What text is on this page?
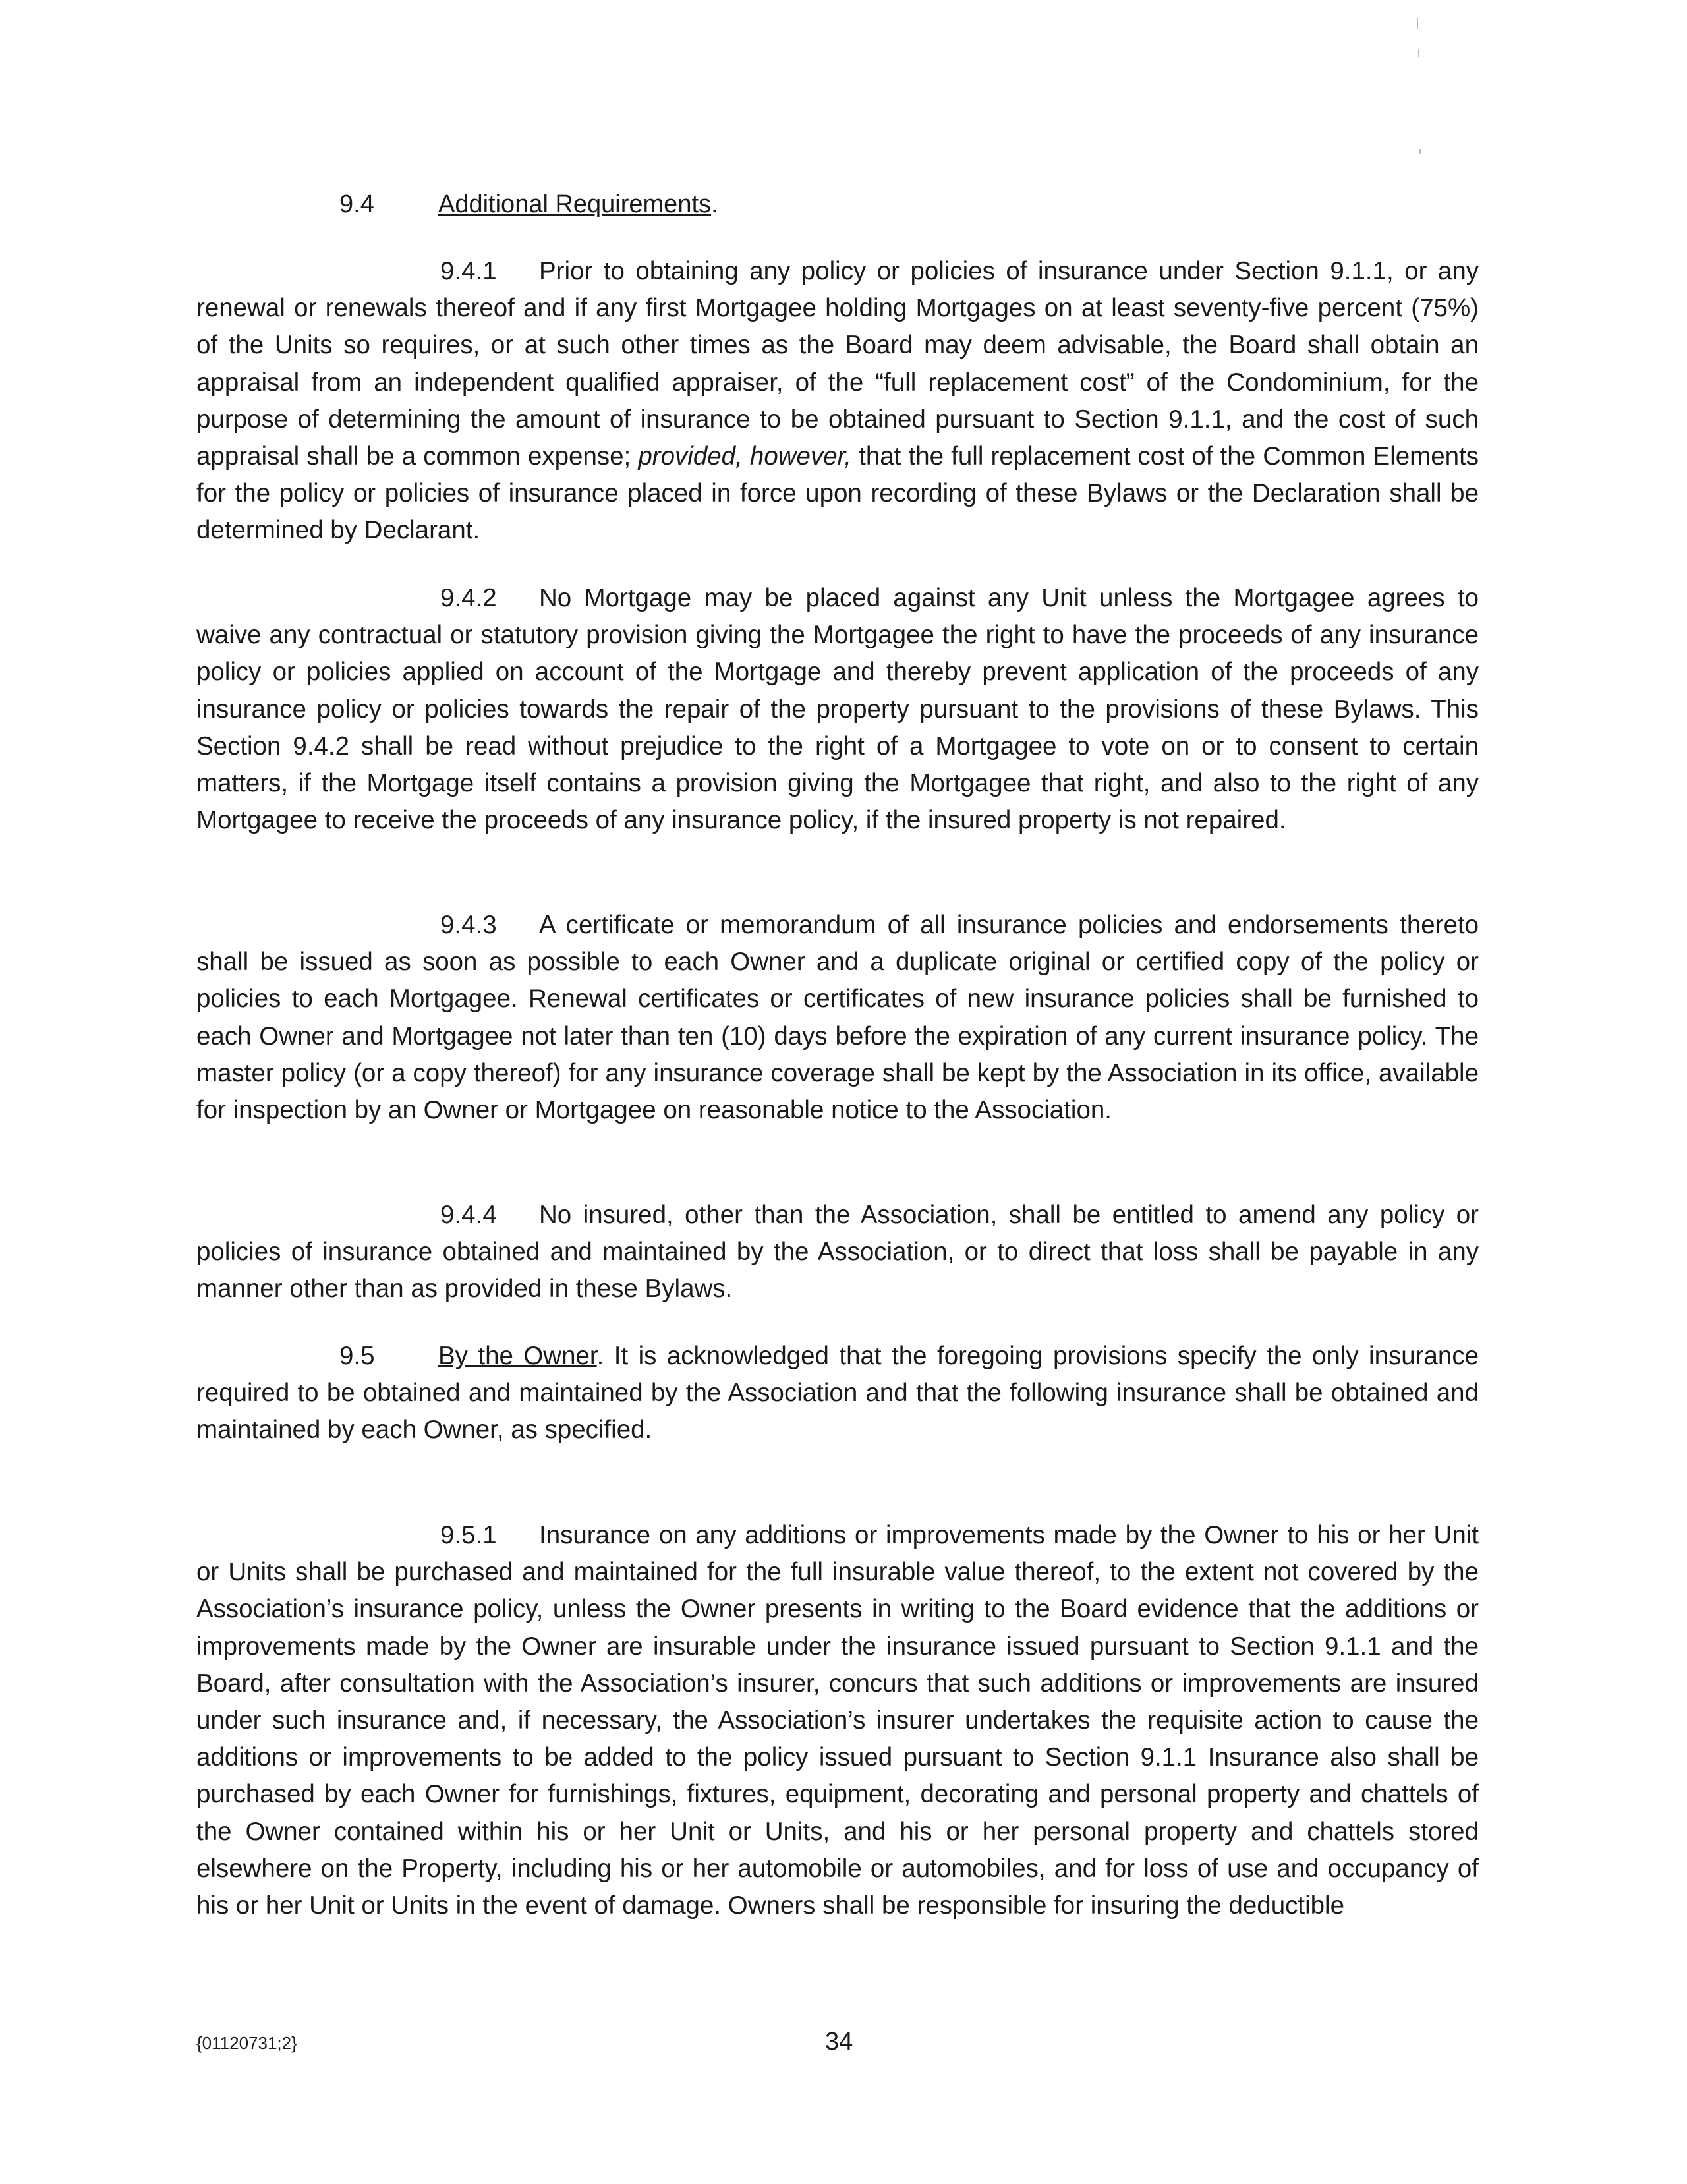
9.4	Additional Requirements.

9.4.1 Prior to obtaining any policy or policies of insurance under Section 9.1.1, or any renewal or renewals thereof and if any first Mortgagee holding Mortgages on at least seventy-five percent (75%) of the Units so requires, or at such other times as the Board may deem advisable, the Board shall obtain an appraisal from an independent qualified appraiser, of the “full replacement cost” of the Condominium, for the purpose of determining the amount of insurance to be obtained pursuant to Section 9.1.1, and the cost of such appraisal shall be a common expense; provided, however, that the full replacement cost of the Common Elements for the policy or policies of insurance placed in force upon recording of these Bylaws or the Declaration shall be determined by Declarant.

9.4.2 No Mortgage may be placed against any Unit unless the Mortgagee agrees to waive any contractual or statutory provision giving the Mortgagee the right to have the proceeds of any insurance policy or policies applied on account of the Mortgage and thereby prevent application of the proceeds of any insurance policy or policies towards the repair of the property pursuant to the provisions of these Bylaws. This Section 9.4.2 shall be read without prejudice to the right of a Mortgagee to vote on or to consent to certain matters, if the Mortgage itself contains a provision giving the Mortgagee that right, and also to the right of any Mortgagee to receive the proceeds of any insurance policy, if the insured property is not repaired.

9.4.3 A certificate or memorandum of all insurance policies and endorsements thereto shall be issued as soon as possible to each Owner and a duplicate original or certified copy of the policy or policies to each Mortgagee. Renewal certificates or certificates of new insurance policies shall be furnished to each Owner and Mortgagee not later than ten (10) days before the expiration of any current insurance policy. The master policy (or a copy thereof) for any insurance coverage shall be kept by the Association in its office, available for inspection by an Owner or Mortgagee on reasonable notice to the Association.

9.4.4 No insured, other than the Association, shall be entitled to amend any policy or policies of insurance obtained and maintained by the Association, or to direct that loss shall be payable in any manner other than as provided in these Bylaws.

9.5	By the Owner. It is acknowledged that the foregoing provisions specify the only insurance required to be obtained and maintained by the Association and that the following insurance shall be obtained and maintained by each Owner, as specified.

9.5.1 Insurance on any additions or improvements made by the Owner to his or her Unit or Units shall be purchased and maintained for the full insurable value thereof, to the extent not covered by the Association’s insurance policy, unless the Owner presents in writing to the Board evidence that the additions or improvements made by the Owner are insurable under the insurance issued pursuant to Section 9.1.1 and the Board, after consultation with the Association’s insurer, concurs that such additions or improvements are insured under such insurance and, if necessary, the Association’s insurer undertakes the requisite action to cause the additions or improvements to be added to the policy issued pursuant to Section 9.1.1 Insurance also shall be purchased by each Owner for furnishings, fixtures, equipment, decorating and personal property and chattels of the Owner contained within his or her Unit or Units, and his or her personal property and chattels stored elsewhere on the Property, including his or her automobile or automobiles, and for loss of use and occupancy of his or her Unit or Units in the event of damage. Owners shall be responsible for insuring the deductible

{01120731;2}	34
